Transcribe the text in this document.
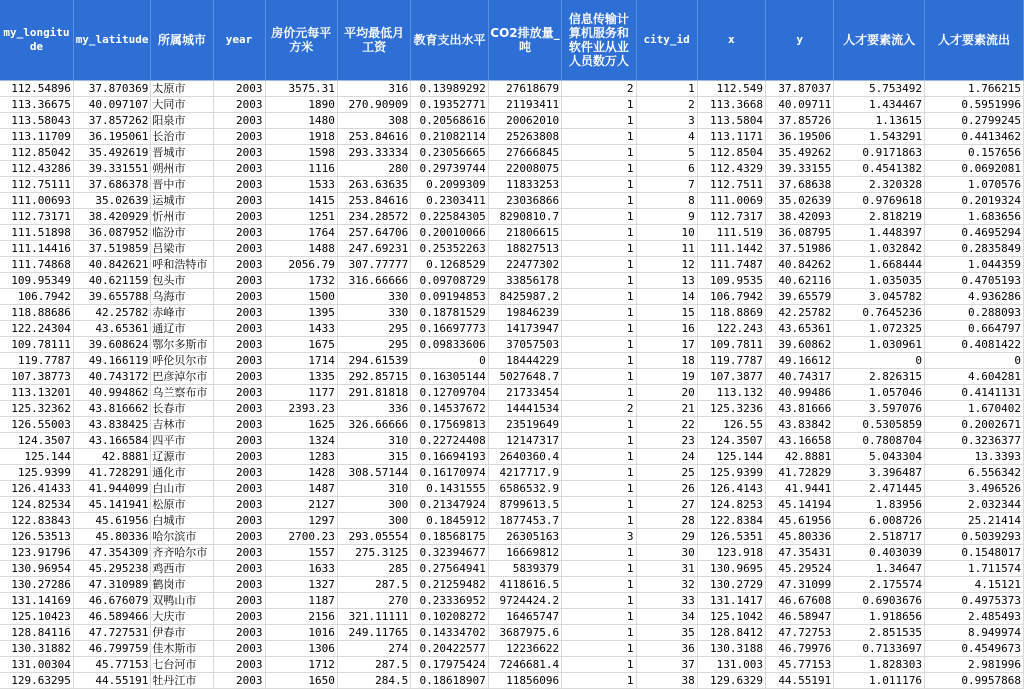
my_longitude	my_latitude	所属城市	year	房价元每平方米	平均最低月工资	教育支出水平	CO2排放量_吨	信息传输计算机服务和软件业从业人员数万人	city_id	x	y	人才要素流入	人才要素流出
112.54896	37.870369	太原市	2003	3575.31	316	0.13989292	27618679	2	1	112.549	37.87037	5.753492	1.766215
113.36675	40.097107	大同市	2003	1890	270.90909	0.19352771	21193411	1	2	113.3668	40.09711	1.434467	0.5951996
113.58043	37.857262	阳泉市	2003	1480	308	0.20568616	20062010	1	3	113.5804	37.85726	1.13615	0.2799245
113.11709	36.195061	长治市	2003	1918	253.84616	0.21082114	25263808	1	4	113.1171	36.19506	1.543291	0.4413462
112.85042	35.492619	晋城市	2003	1598	293.33334	0.23056665	27666845	1	5	112.8504	35.49262	0.9171863	0.157656
112.43286	39.331551	朔州市	2003	1116	280	0.29739744	22008075	1	6	112.4329	39.33155	0.4541382	0.0692081
112.75111	37.686378	晋中市	2003	1533	263.63635	0.2099309	11833253	1	7	112.7511	37.68638	2.320328	1.070576
111.00693	35.02639	运城市	2003	1415	253.84616	0.2303411	23036866	1	8	111.0069	35.02639	0.9769618	0.2019324
112.73171	38.420929	忻州市	2003	1251	234.28572	0.22584305	8290810.7	1	9	112.7317	38.42093	2.818219	1.683656
111.51898	36.087952	临汾市	2003	1764	257.64706	0.20010066	21806615	1	10	111.519	36.08795	1.448397	0.4695294
111.14416	37.519859	吕梁市	2003	1488	247.69231	0.25352263	18827513	1	11	111.1442	37.51986	1.032842	0.2835849
111.74868	40.842621	呼和浩特市	2003	2056.79	307.77777	0.1268529	22477302	1	12	111.7487	40.84262	1.668444	1.044359
109.95349	40.621159	包头市	2003	1732	316.66666	0.09708729	33856178	1	13	109.9535	40.62116	1.035035	0.4705193
106.7942	39.655788	乌海市	2003	1500	330	0.09194853	8425987.2	1	14	106.7942	39.65579	3.045782	4.936286
118.88686	42.25782	赤峰市	2003	1395	330	0.18781529	19846239	1	15	118.8869	42.25782	0.7645236	0.288093
122.24304	43.65361	通辽市	2003	1433	295	0.16697773	14173947	1	16	122.243	43.65361	1.072325	0.664797
109.78111	39.608624	鄂尔多斯市	2003	1675	295	0.09833606	37057503	1	17	109.7811	39.60862	1.030961	0.4081422
119.7787	49.166119	呼伦贝尔市	2003	1714	294.61539	0	18444229	1	18	119.7787	49.16612	0	0
107.38773	40.743172	巴彦淖尔市	2003	1335	292.85715	0.16305144	5027648.7	1	19	107.3877	40.74317	2.826315	4.604281
113.13201	40.994862	乌兰察布市	2003	1177	291.81818	0.12709704	21733454	1	20	113.132	40.99486	1.057046	0.4141131
125.32362	43.816662	长春市	2003	2393.23	336	0.14537672	14441534	2	21	125.3236	43.81666	3.597076	1.670402
126.55003	43.838425	吉林市	2003	1625	326.66666	0.17569813	23519649	1	22	126.55	43.83842	0.5305859	0.2002671
124.3507	43.166584	四平市	2003	1324	310	0.22724408	12147317	1	23	124.3507	43.16658	0.7808704	0.3236377
125.144	42.8881	辽源市	2003	1283	315	0.16694193	2640360.4	1	24	125.144	42.8881	5.043304	13.3393
125.9399	41.728291	通化市	2003	1428	308.57144	0.16170974	4217717.9	1	25	125.9399	41.72829	3.396487	6.556342
126.41433	41.944099	白山市	2003	1487	310	0.1431555	6586532.9	1	26	126.4143	41.9441	2.471445	3.496526
124.82534	45.141941	松原市	2003	2127	300	0.21347924	8799613.5	1	27	124.8253	45.14194	1.83956	2.032344
122.83843	45.61956	白城市	2003	1297	300	0.1845912	1877453.7	1	28	122.8384	45.61956	6.008726	25.21414
126.53513	45.80336	哈尔滨市	2003	2700.23	293.05554	0.18568175	26305163	3	29	126.5351	45.80336	2.518717	0.5039293
123.91796	47.354309	齐齐哈尔市	2003	1557	275.3125	0.32394677	16669812	1	30	123.918	47.35431	0.403039	0.1548017
130.96954	45.295238	鸡西市	2003	1633	285	0.27564941	5839379	1	31	130.9695	45.29524	1.34647	1.711574
130.27286	47.310989	鹤岗市	2003	1327	287.5	0.21259482	4118616.5	1	32	130.2729	47.31099	2.175574	4.15121
131.14169	46.676079	双鸭山市	2003	1187	270	0.23336952	9724424.2	1	33	131.1417	46.67608	0.6903676	0.4975373
125.10423	46.589466	大庆市	2003	2156	321.11111	0.10208272	16465747	1	34	125.1042	46.58947	1.918656	2.485493
128.84116	47.727531	伊春市	2003	1016	249.11765	0.14334702	3687975.6	1	35	128.8412	47.72753	2.851535	8.949974
130.31882	46.799759	佳木斯市	2003	1306	274	0.20422577	12236622	1	36	130.3188	46.79976	0.7133697	0.4549673
131.00304	45.77153	七台河市	2003	1712	287.5	0.17975424	7246681.4	1	37	131.003	45.77153	1.828303	2.981996
129.63295	44.55191	牡丹江市	2003	1650	284.5	0.18618907	11856096	1	38	129.6329	44.55191	1.011176	0.9957868
